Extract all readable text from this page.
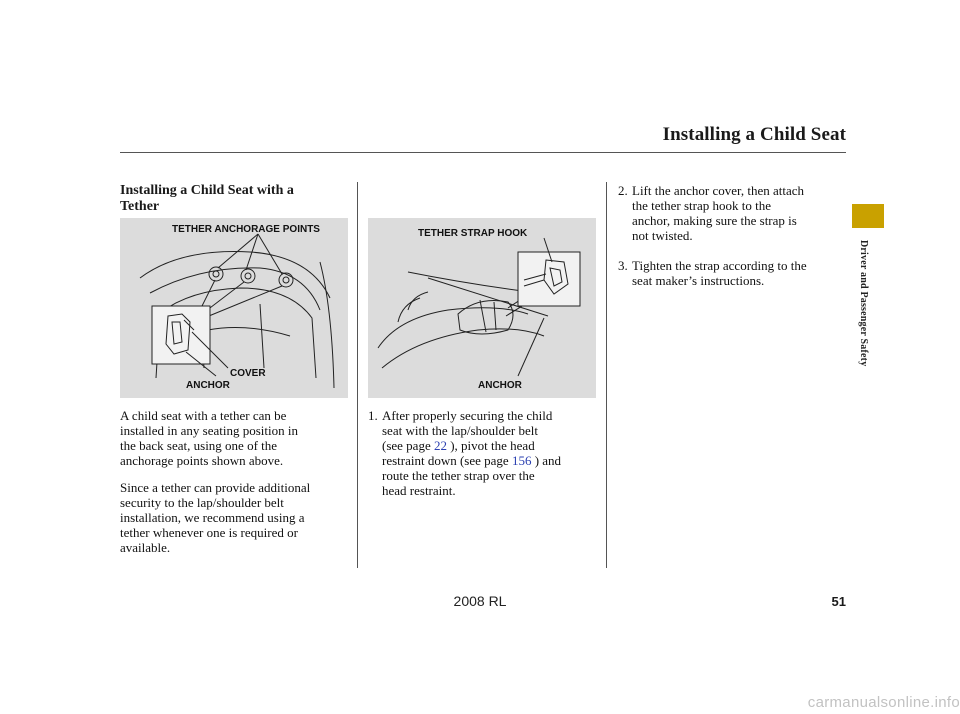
Installing a Child Seat
Installing a Child Seat with a
Tether
TETHER ANCHORAGE POINTS
COVER
ANCHOR
TETHER STRAP HOOK
ANCHOR
A child seat with a tether can be
installed in any seating position in
the back seat, using one of the
anchorage points shown above.
Since a tether can provide additional
security to the lap/shoulder belt
installation, we recommend using a
tether whenever one is required or
available.
1. After properly securing the child
seat with the lap/shoulder belt
(see page 22 ), pivot the head
restraint down (see page 156 ) and
route the tether strap over the
head restraint.
2. Lift the anchor cover, then attach
the tether strap hook to the
anchor, making sure the strap is
not twisted.
3. Tighten the strap according to the
seat maker’s instructions.	Driver and Passenger Safety
51
2008 RL
carmanualsonline.info
